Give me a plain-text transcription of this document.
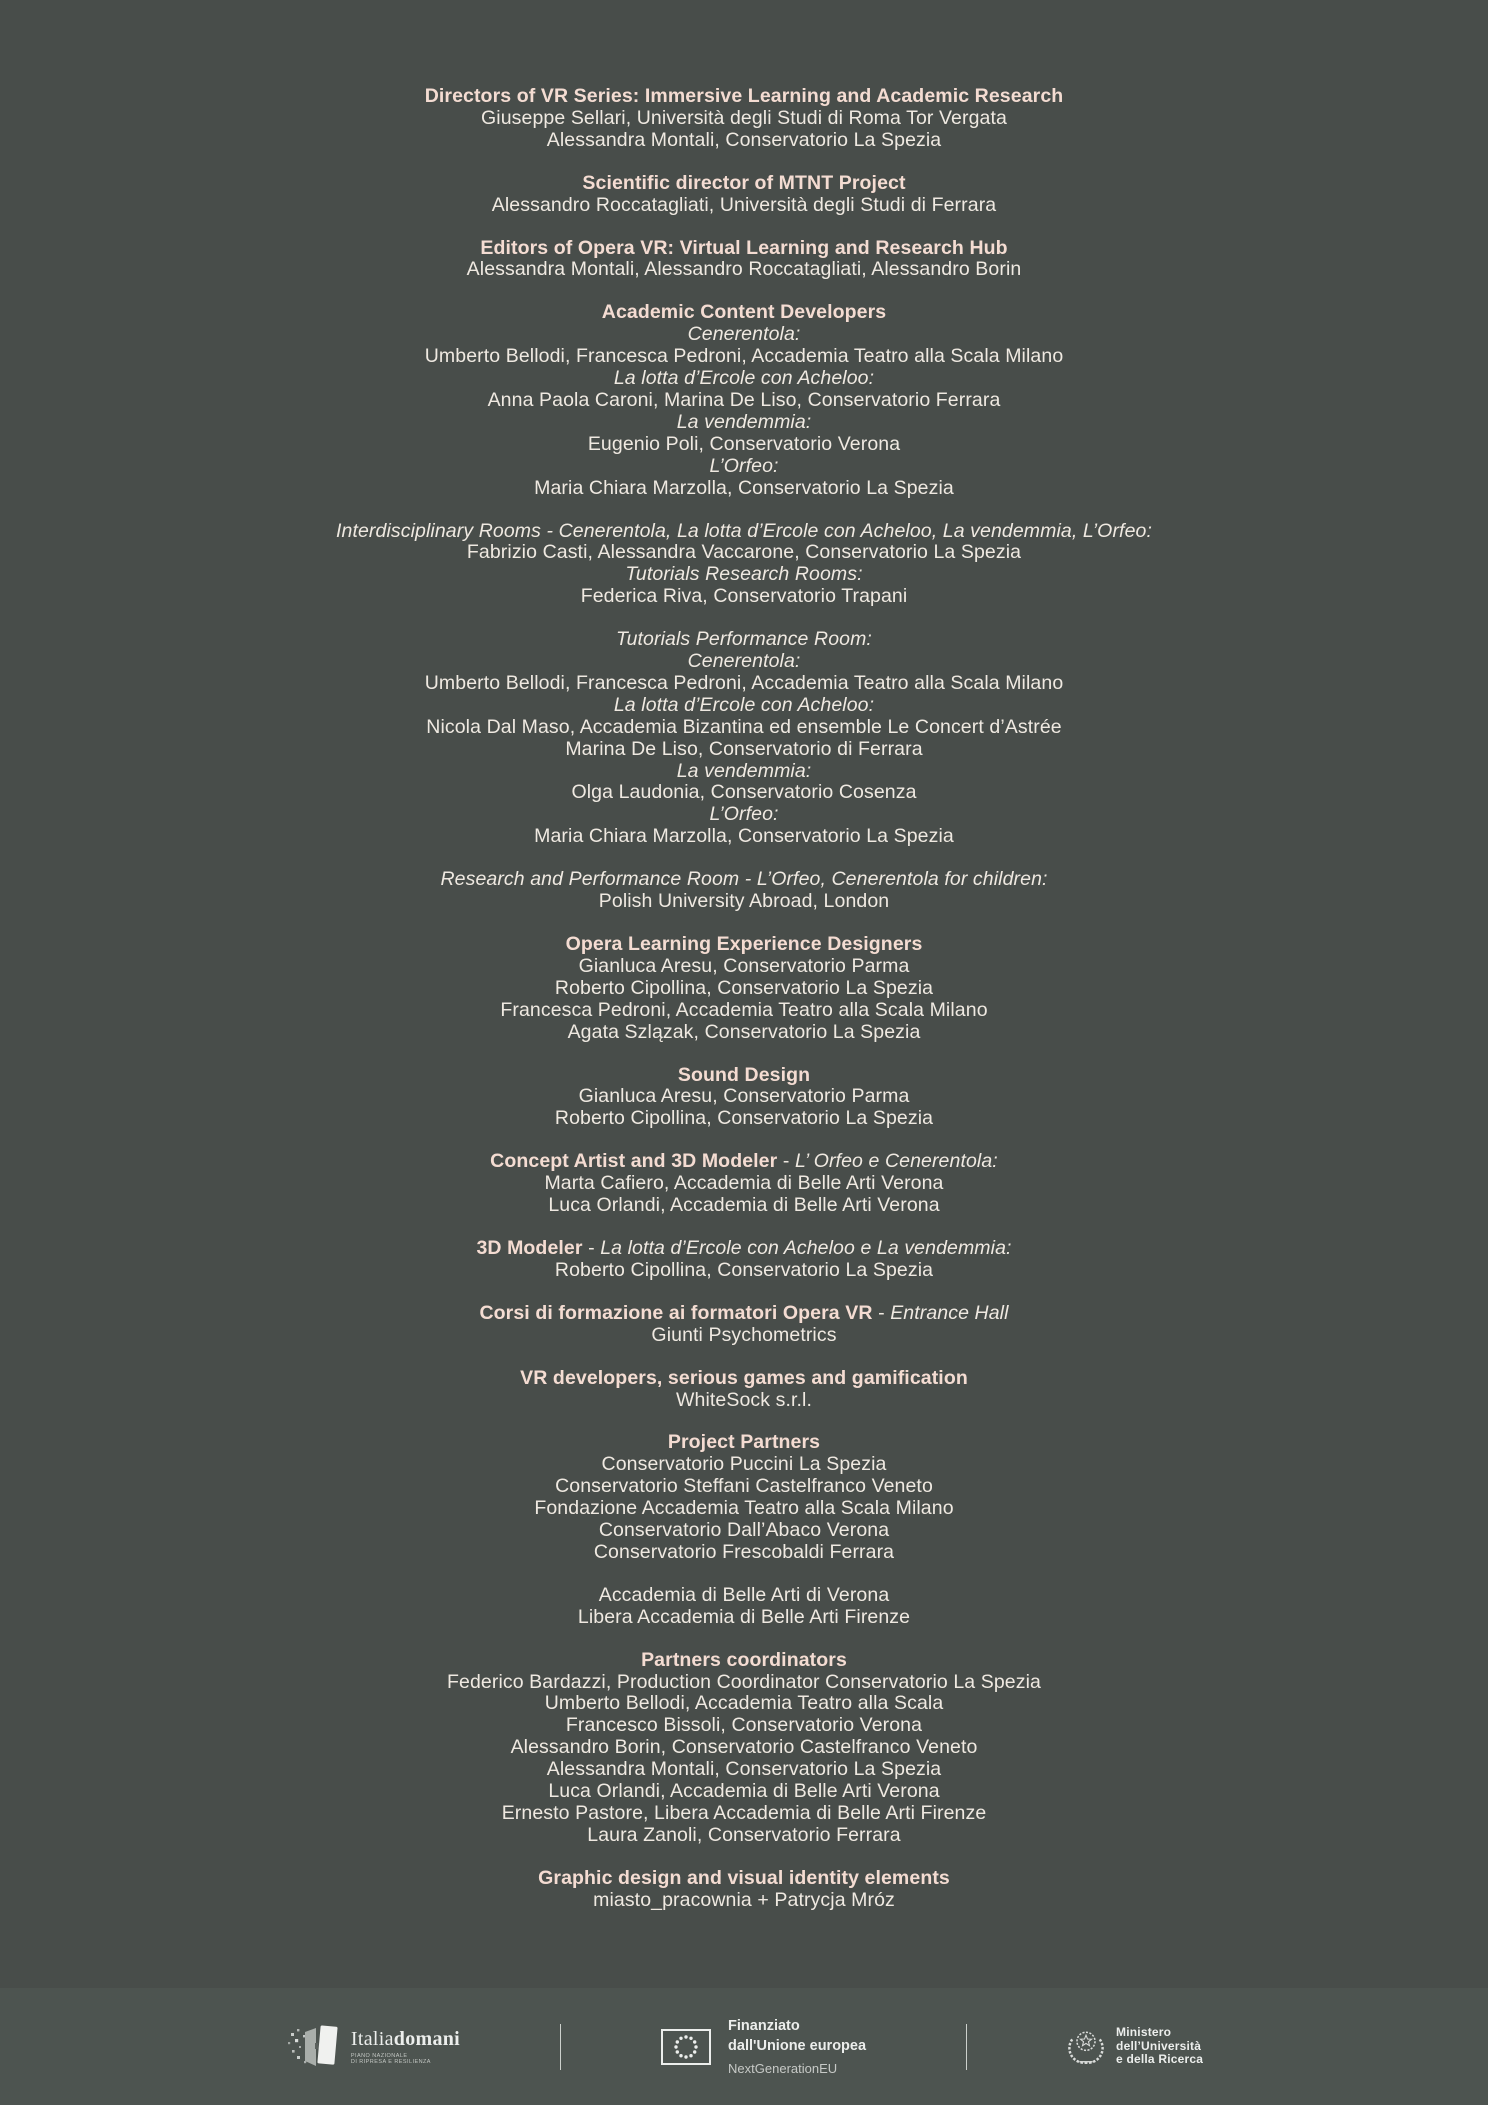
Directors of VR Series: Immersive Learning and Academic Research

Giuseppe Sellari, Università degli Studi di Roma Tor Vergata

Alessandra Montali, Conservatorio La Spezia

Scientific director of MTNT Project

Alessandro Roccatagliati, Università degli Studi di Ferrara

Editors of Opera VR: Virtual Learning and Research Hub

Alessandra Montali, Alessandro Roccatagliati, Alessandro Borin

Academic Content Developers

Cenerentola:

Umberto Bellodi, Francesca Pedroni, Accademia Teatro alla Scala Milano

La lotta d’Ercole con Acheloo:

Anna Paola Caroni, Marina De Liso, Conservatorio Ferrara

La vendemmia:

Eugenio Poli, Conservatorio Verona

L’Orfeo:

Maria Chiara Marzolla, Conservatorio La Spezia

Interdisciplinary Rooms - Cenerentola, La lotta d’Ercole con Acheloo, La vendemmia, L’Orfeo:

Fabrizio Casti, Alessandra Vaccarone, Conservatorio La Spezia

Tutorials Research Rooms:

Federica Riva, Conservatorio Trapani

Tutorials Performance Room:

Cenerentola:

Umberto Bellodi, Francesca Pedroni, Accademia Teatro alla Scala Milano

La lotta d’Ercole con Acheloo:

Nicola Dal Maso, Accademia Bizantina ed ensemble Le Concert d’Astrée

Marina De Liso, Conservatorio di Ferrara

La vendemmia:

Olga Laudonia, Conservatorio Cosenza

L’Orfeo:

Maria Chiara Marzolla, Conservatorio La Spezia

Research and Performance Room - L’Orfeo, Cenerentola for children:

Polish University Abroad, London

Opera Learning Experience Designers

Gianluca Aresu, Conservatorio Parma

Roberto Cipollina, Conservatorio La Spezia

Francesca Pedroni, Accademia Teatro alla Scala Milano

Agata Szlązak, Conservatorio La Spezia

Sound Design

Gianluca Aresu, Conservatorio Parma

Roberto Cipollina, Conservatorio La Spezia

Concept Artist and 3D Modeler - L’ Orfeo e Cenerentola:

Marta Cafiero, Accademia di Belle Arti Verona

Luca Orlandi, Accademia di Belle Arti Verona

3D Modeler - La lotta d’Ercole con Acheloo e La vendemmia:

Roberto Cipollina, Conservatorio La Spezia

Corsi di formazione ai formatori Opera VR - Entrance Hall

Giunti Psychometrics

VR developers, serious games and gamification

WhiteSock s.r.l.

Project Partners

Conservatorio Puccini La Spezia

Conservatorio Steffani Castelfranco Veneto

Fondazione Accademia Teatro alla Scala Milano

Conservatorio Dall’Abaco Verona

Conservatorio Frescobaldi Ferrara

Accademia di Belle Arti di Verona

Libera Accademia di Belle Arti Firenze

Partners coordinators

Federico Bardazzi, Production Coordinator Conservatorio La Spezia

Umberto Bellodi, Accademia Teatro alla Scala

Francesco Bissoli, Conservatorio Verona

Alessandro Borin, Conservatorio Castelfranco Veneto

Alessandra Montali, Conservatorio La Spezia

Luca Orlandi, Accademia di Belle Arti Verona

Ernesto Pastore, Libera Accademia di Belle Arti Firenze

Laura Zanoli, Conservatorio Ferrara

Graphic design and visual identity elements

miasto_pracownia + Patrycja Mróz

Italiadomani
PIANO NAZIONALE
DI RIPRESA E RESILIENZA
Finanziato
dall'Unione europea
NextGenerationEU
Ministero
dell’Università
e della Ricerca
